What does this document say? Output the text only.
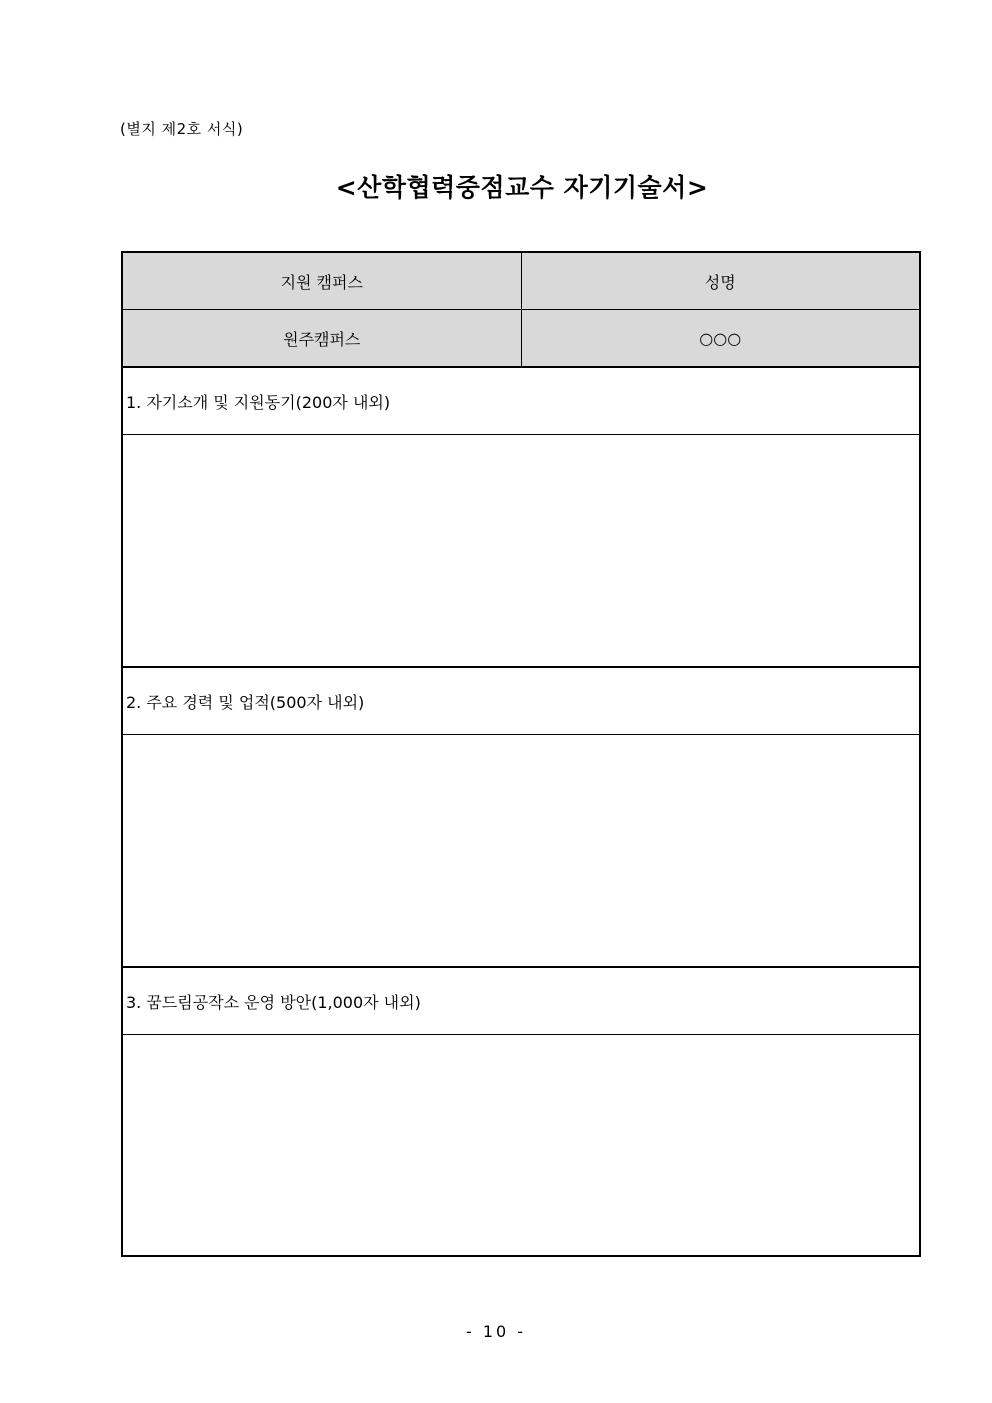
(별지 제2호 서식)
<산학협력중점교수 자기기술서>
지원 캠퍼스	성명
원주캠퍼스	○○○
1. 자기소개 및 지원동기(200자 내외)	

2. 주요 경력 및 업적(500자 내외)	

3. 꿈드림공작소 운영 방안(1,000자 내외)	

- 10 -
